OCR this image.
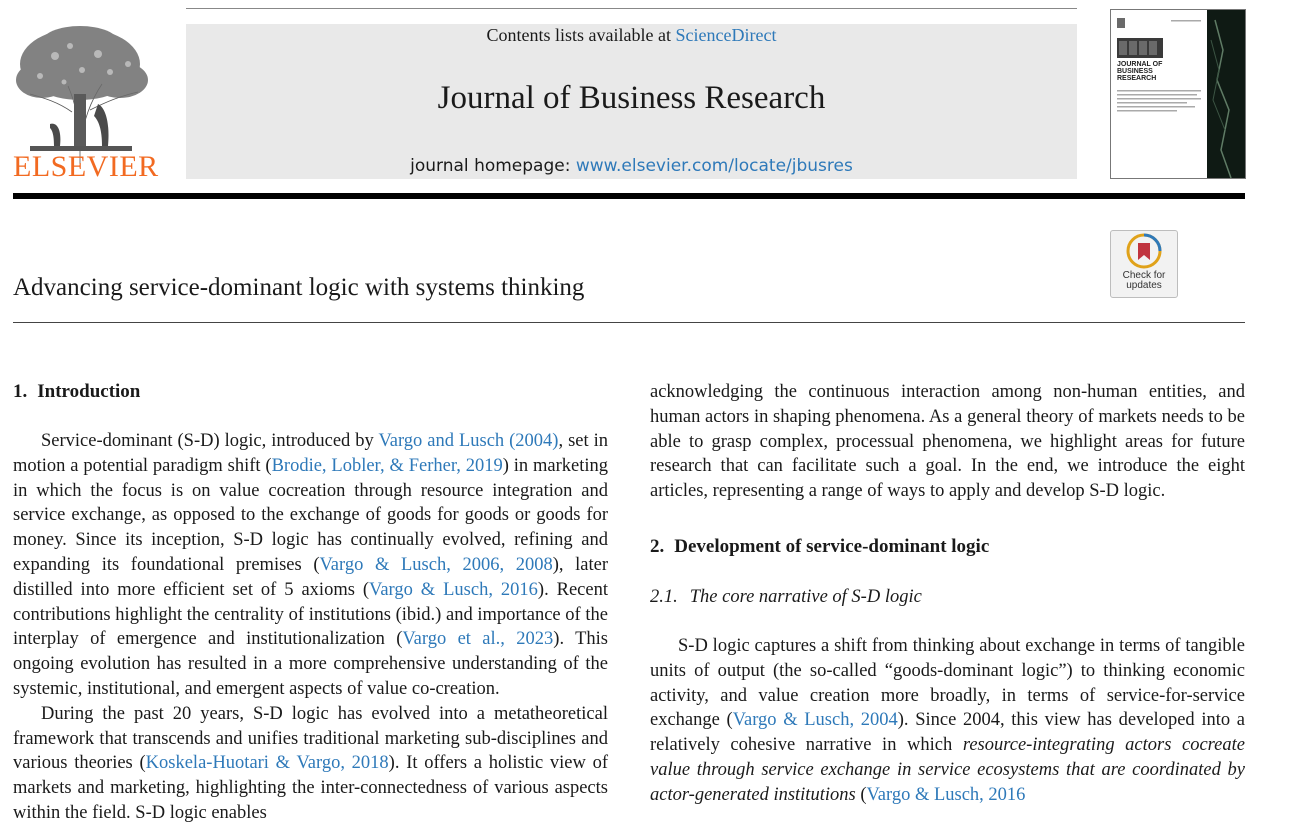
ELSEVIER
Contents lists available at ScienceDirect
Journal of Business Research
journal homepage: www.elsevier.com/locate/jbusres
JOURNAL OF
BUSINESS
RESEARCH
Advancing service-dominant logic with systems thinking	Check for
updates
1. Introduction

Service-dominant (S-D) logic, introduced by Vargo and Lusch (2004), set in motion a potential paradigm shift (Brodie, Lobler, & Ferher, 2019) in marketing in which the focus is on value cocreation through resource integration and service exchange, as opposed to the exchange of goods for goods or goods for money. Since its inception, S-D logic has continually evolved, refining and expanding its foundational premises (Vargo & Lusch, 2006, 2008), later distilled into more efficient set of 5 axioms (Vargo & Lusch, 2016). Recent contributions highlight the centrality of institutions (ibid.) and importance of the interplay of emergence and institutionalization (Vargo et al., 2023). This ongoing evolution has resulted in a more comprehensive understanding of the systemic, institutional, and emergent aspects of value co-creation.

During the past 20 years, S-D logic has evolved into a metatheoretical framework that transcends and unifies traditional marketing sub-disciplines and various theories (Koskela-Huotari & Vargo, 2018). It offers a holistic view of markets and marketing, highlighting the inter-connectedness of various aspects within the field. S-D logic enables

acknowledging the continuous interaction among non-human entities, and human actors in shaping phenomena. As a general theory of markets needs to be able to grasp complex, processual phenomena, we highlight areas for future research that can facilitate such a goal. In the end, we introduce the eight articles, representing a range of ways to apply and develop S-D logic.

2. Development of service-dominant logic
2.1. The core narrative of S-D logic

S-D logic captures a shift from thinking about exchange in terms of tangible units of output (the so-called “goods-dominant logic”) to thinking economic activity, and value creation more broadly, in terms of service-for-service exchange (Vargo & Lusch, 2004). Since 2004, this view has developed into a relatively cohesive narrative in which resource-integrating actors cocreate value through service exchange in service ecosystems that are coordinated by actor-generated institutions (Vargo & Lusch, 2016
